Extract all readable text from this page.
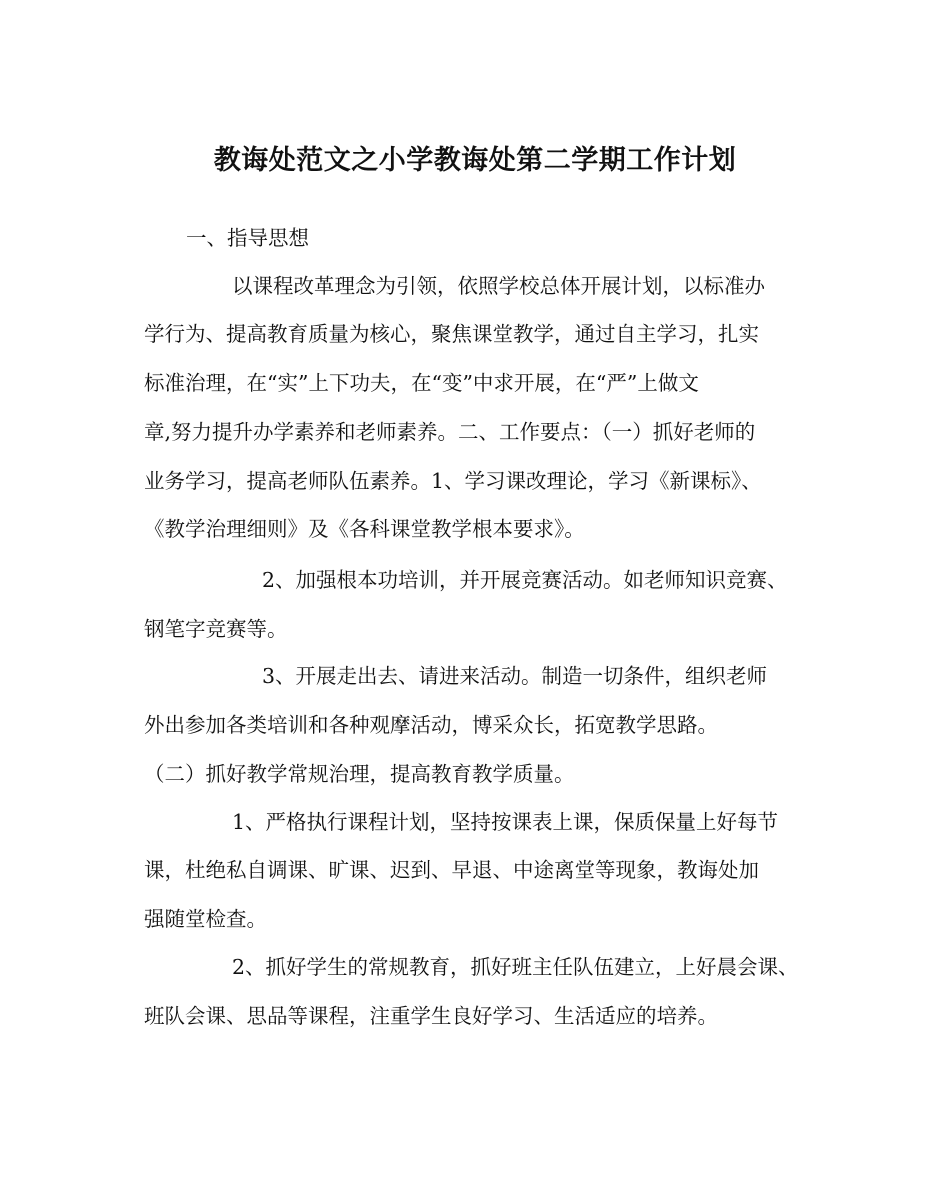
教诲处范文之小学教诲处第二学期工作计划
一、指导思想
以课程改革理念为引领，依照学校总体开展计划，以标准办
学行为、提高教育质量为核心，聚焦课堂教学，通过自主学习，扎实
标准治理，在“实”上下功夫，在“变”中求开展，在“严”上做文
章,努力提升办学素养和老师素养。二、工作要点：（一）抓好老师的
业务学习，提高老师队伍素养。1、学习课改理论，学习《新课标》、
《教学治理细则》及《各科课堂教学根本要求》。
2、加强根本功培训，并开展竞赛活动。如老师知识竞赛、
钢笔字竞赛等。
3、开展走出去、请进来活动。制造一切条件，组织老师
外出参加各类培训和各种观摩活动，博采众长，拓宽教学思路。
（二）抓好教学常规治理，提高教育教学质量。
1、严格执行课程计划，坚持按课表上课，保质保量上好每节
课，杜绝私自调课、旷课、迟到、早退、中途离堂等现象，教诲处加
强随堂检查。
2、抓好学生的常规教育，抓好班主任队伍建立，上好晨会课、
班队会课、思品等课程，注重学生良好学习、生活适应的培养。
